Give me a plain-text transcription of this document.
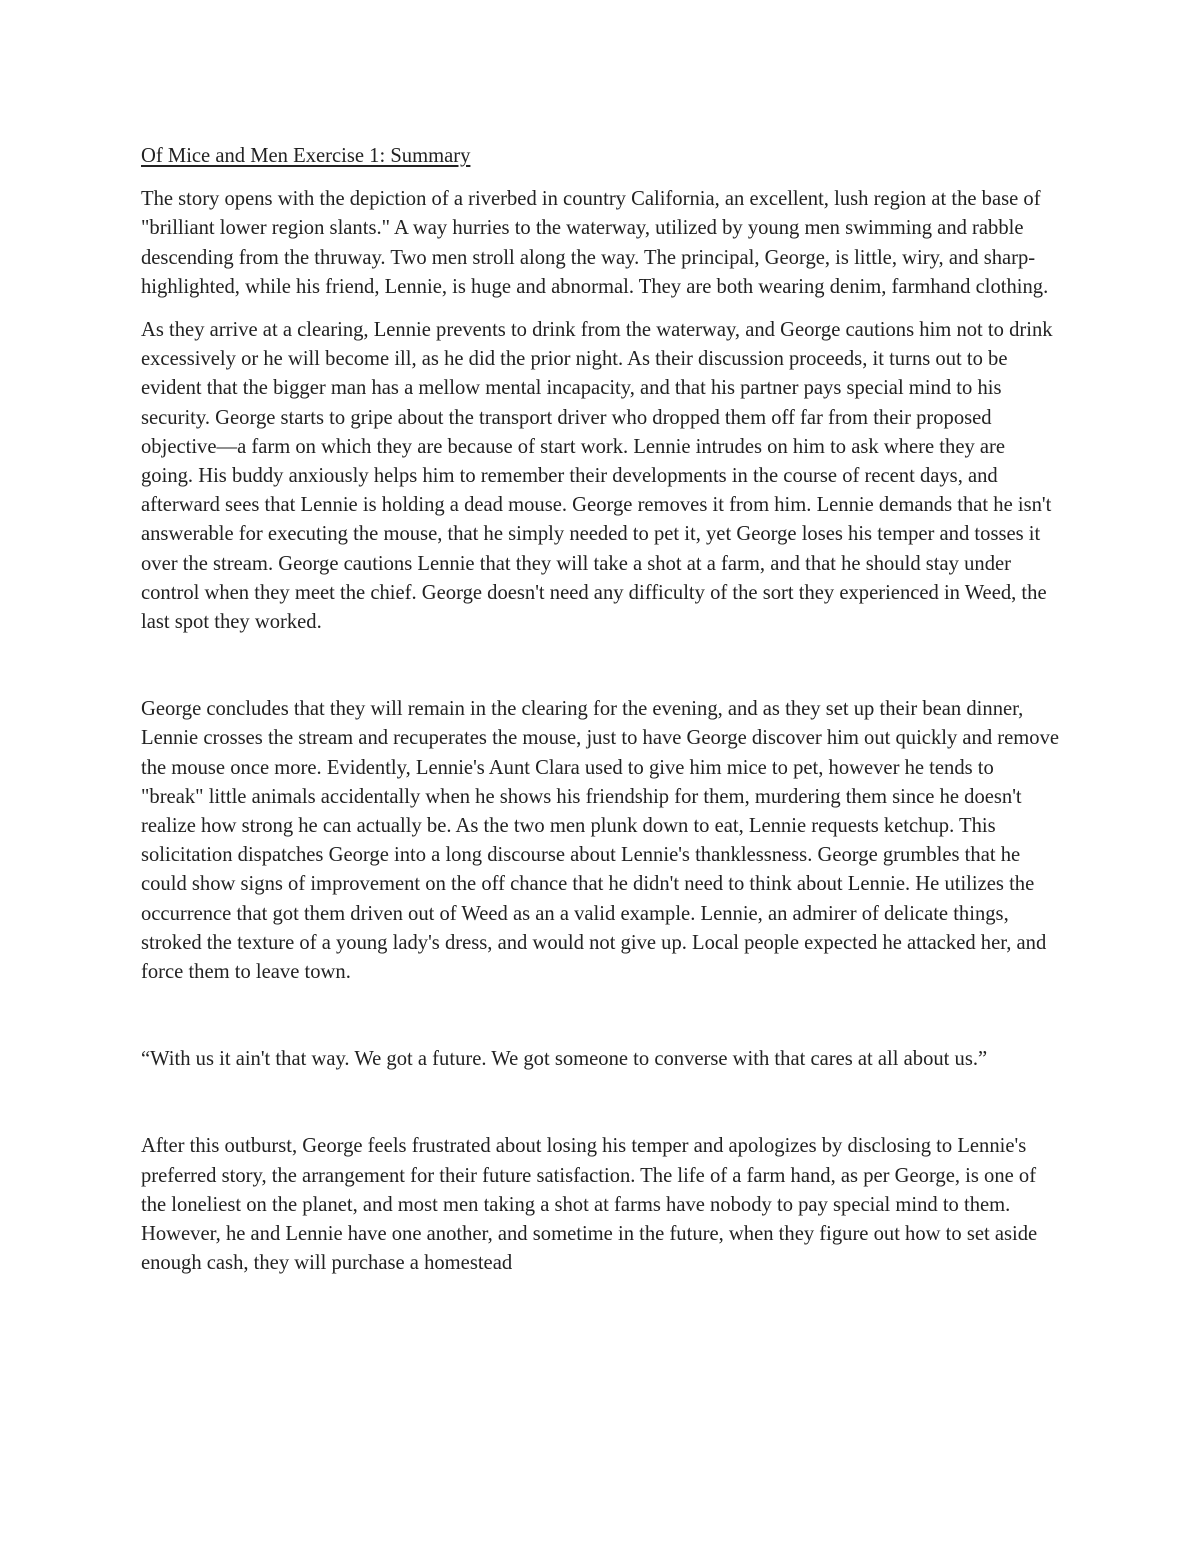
Of Mice and Men Exercise 1: Summary

The story opens with the depiction of a riverbed in country California, an excellent, lush region at the base of "brilliant lower region slants." A way hurries to the waterway, utilized by young men swimming and rabble descending from the thruway. Two men stroll along the way. The principal, George, is little, wiry, and sharp-highlighted, while his friend, Lennie, is huge and abnormal. They are both wearing denim, farmhand clothing.

As they arrive at a clearing, Lennie prevents to drink from the waterway, and George cautions him not to drink excessively or he will become ill, as he did the prior night. As their discussion proceeds, it turns out to be evident that the bigger man has a mellow mental incapacity, and that his partner pays special mind to his security. George starts to gripe about the transport driver who dropped them off far from their proposed objective—a farm on which they are because of start work. Lennie intrudes on him to ask where they are going. His buddy anxiously helps him to remember their developments in the course of recent days, and afterward sees that Lennie is holding a dead mouse. George removes it from him. Lennie demands that he isn't answerable for executing the mouse, that he simply needed to pet it, yet George loses his temper and tosses it over the stream. George cautions Lennie that they will take a shot at a farm, and that he should stay under control when they meet the chief. George doesn't need any difficulty of the sort they experienced in Weed, the last spot they worked.

George concludes that they will remain in the clearing for the evening, and as they set up their bean dinner, Lennie crosses the stream and recuperates the mouse, just to have George discover him out quickly and remove the mouse once more. Evidently, Lennie's Aunt Clara used to give him mice to pet, however he tends to "break" little animals accidentally when he shows his friendship for them, murdering them since he doesn't realize how strong he can actually be. As the two men plunk down to eat, Lennie requests ketchup. This solicitation dispatches George into a long discourse about Lennie's thanklessness. George grumbles that he could show signs of improvement on the off chance that he didn't need to think about Lennie. He utilizes the occurrence that got them driven out of Weed as an a valid example. Lennie, an admirer of delicate things, stroked the texture of a young lady's dress, and would not give up. Local people expected he attacked her, and force them to leave town.

“With us it ain't that way. We got a future. We got someone to converse with that cares at all about us.”

After this outburst, George feels frustrated about losing his temper and apologizes by disclosing to Lennie's preferred story, the arrangement for their future satisfaction. The life of a farm hand, as per George, is one of the loneliest on the planet, and most men taking a shot at farms have nobody to pay special mind to them. However, he and Lennie have one another, and sometime in the future, when they figure out how to set aside enough cash, they will purchase a homestead
